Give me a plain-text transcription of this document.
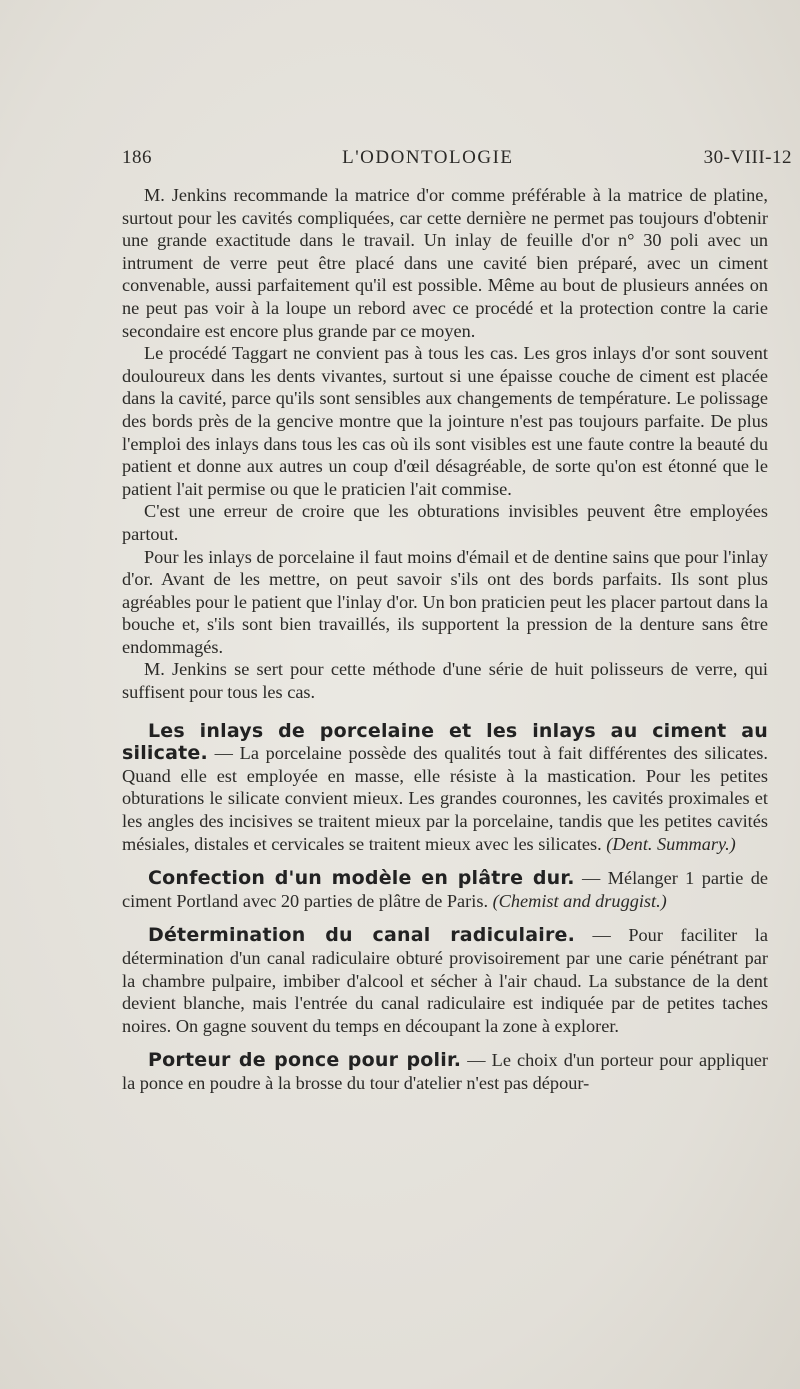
186	L'ODONTOLOGIE	30-VIII-12

M. Jenkins recommande la matrice d'or comme préférable à la matrice de platine, surtout pour les cavités compliquées, car cette dernière ne permet pas toujours d'obtenir une grande exactitude dans le travail. Un inlay de feuille d'or n° 30 poli avec un intrument de verre peut être placé dans une cavité bien préparé, avec un ciment convenable, aussi parfaitement qu'il est possible. Même au bout de plusieurs années on ne peut pas voir à la loupe un rebord avec ce procédé et la protection contre la carie secondaire est encore plus grande par ce moyen.

Le procédé Taggart ne convient pas à tous les cas. Les gros inlays d'or sont souvent douloureux dans les dents vivantes, surtout si une épaisse couche de ciment est placée dans la cavité, parce qu'ils sont sensibles aux changements de température. Le polissage des bords près de la gencive montre que la jointure n'est pas toujours parfaite. De plus l'emploi des inlays dans tous les cas où ils sont visibles est une faute contre la beauté du patient et donne aux autres un coup d'œil désagréable, de sorte qu'on est étonné que le patient l'ait permise ou que le praticien l'ait commise.

C'est une erreur de croire que les obturations invisibles peuvent être employées partout.

Pour les inlays de porcelaine il faut moins d'émail et de dentine sains que pour l'inlay d'or. Avant de les mettre, on peut savoir s'ils ont des bords parfaits. Ils sont plus agréables pour le patient que l'inlay d'or. Un bon praticien peut les placer partout dans la bouche et, s'ils sont bien travaillés, ils supportent la pression de la denture sans être endommagés.

M. Jenkins se sert pour cette méthode d'une série de huit polisseurs de verre, qui suffisent pour tous les cas.

Les inlays de porcelaine et les inlays au ciment au silicate. — La porcelaine possède des qualités tout à fait différentes des silicates. Quand elle est employée en masse, elle résiste à la mastication. Pour les petites obturations le silicate convient mieux. Les grandes couronnes, les cavités proximales et les angles des incisives se traitent mieux par la porcelaine, tandis que les petites cavités mésiales, distales et cervicales se traitent mieux avec les silicates. (Dent. Summary.)

Confection d'un modèle en plâtre dur. — Mélanger 1 partie de ciment Portland avec 20 parties de plâtre de Paris. (Chemist and druggist.)

Détermination du canal radiculaire. — Pour faciliter la détermination d'un canal radiculaire obturé provisoirement par une carie pénétrant par la chambre pulpaire, imbiber d'alcool et sécher à l'air chaud. La substance de la dent devient blanche, mais l'entrée du canal radiculaire est indiquée par de petites taches noires. On gagne souvent du temps en découpant la zone à explorer.

Porteur de ponce pour polir. — Le choix d'un porteur pour appliquer la ponce en poudre à la brosse du tour d'atelier n'est pas dépour-
